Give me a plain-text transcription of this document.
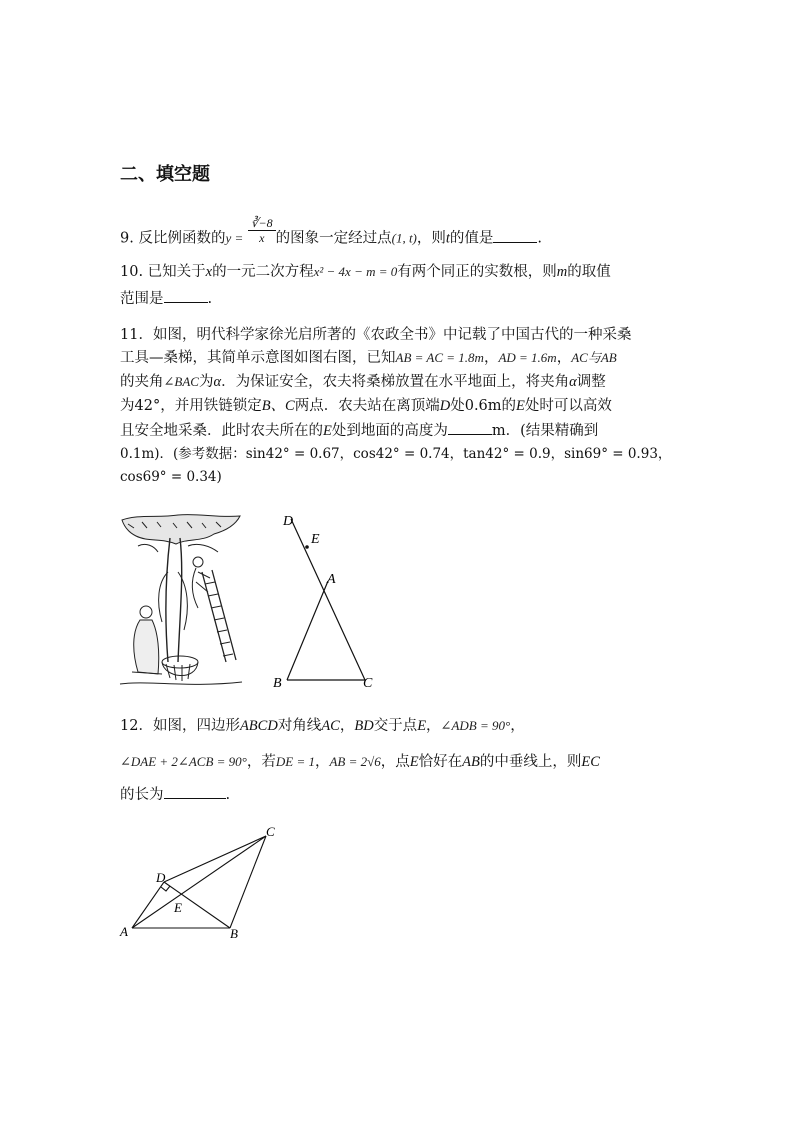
二、填空题
9. 反比例函数的$y = \frac{∛-8}{x}$ 的图象一定经过点(1, t)，则t的值是	.
10. 已知关于x的一元二次方程x² − 4x − m = 0有两个同正的实数根，则m的取值
范围是	.
11．如图，明代科学家徐光启所著的《农政全书》中记载了中国古代的一种采桑
工具—桑梯，其简单示意图如图右图，已知AB = AC = 1.8m，AD = 1.6m，AC与AB
的夹角∠BAC为α．为保证安全，农夫将桑梯放置在水平地面上，将夹角α调整
为42°，并用铁链锁定B、C两点．农夫站在离顶端D处0.6m的E处时可以高效
且安全地采桑．此时农夫所在的E处到地面的高度为	m．(结果精确到
0.1m)．(参考数据：sin42° = 0.67，cos42° = 0.74，tan42° = 0.9，sin69° = 0.93，
cos69° = 0.34)
D
E
A
B	C
12．如图，四边形ABCD对角线AC，BD交于点E，∠ADB = 90°，
∠DAE + 2∠ACB = 90°，若DE = 1，AB = 2√6，点E恰好在AB的中垂线上，则EC
的长为	.
D
E
A	B
C
